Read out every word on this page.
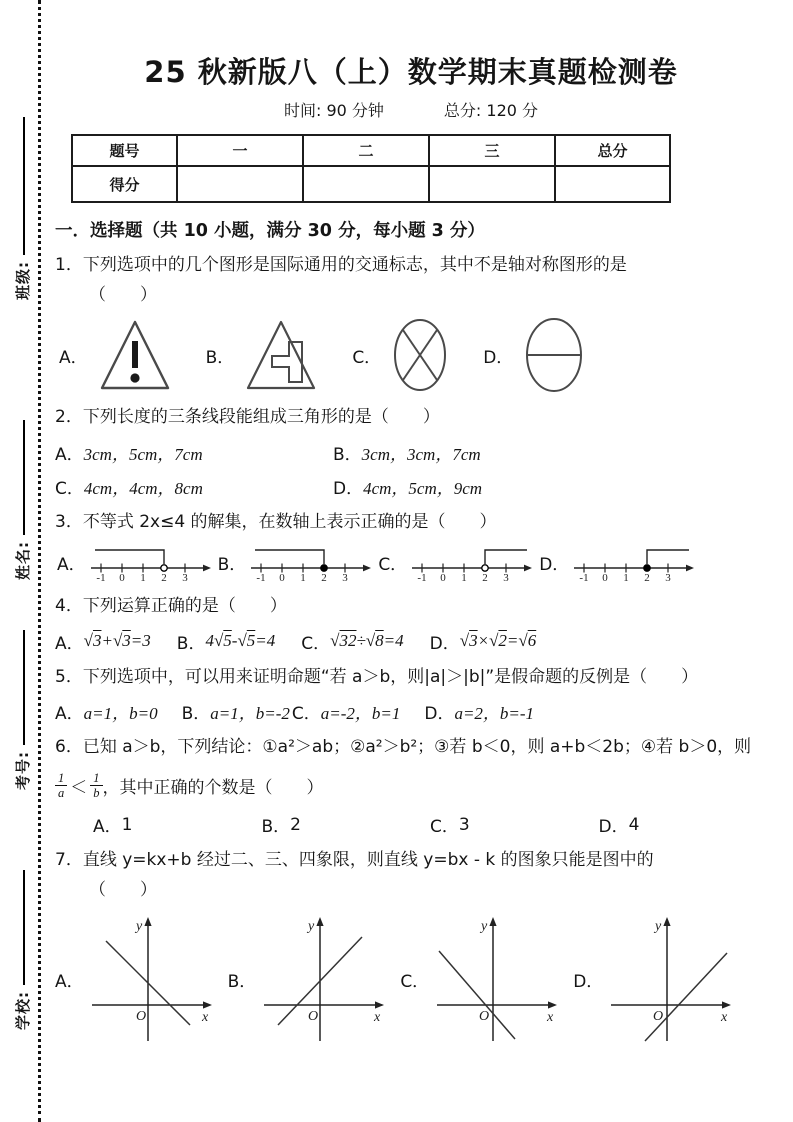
班级:
姓名:
考号:
学校:
25 秋新版八（上）数学期末真题检测卷
时间: 90 分钟	总分: 120 分
题号	一	二	三	总分
得分				
一．选择题（共 10 小题，满分 30 分，每小题 3 分）
1．下列选项中的几个图形是国际通用的交通标志，其中不是轴对称图形的是
（　　）
A．	B．	C．	D．
2．下列长度的三条线段能组成三角形的是（　　）
A．3cm，5cm，7cm	B．3cm，3cm，7cm
C．4cm，4cm，8cm	D．4cm，5cm，9cm
3．不等式 2x≤4 的解集，在数轴上表示正确的是（　　）
A．
-1 0 1 2 3
B．
-1 0 1 2 3
C．
-1 0 1 2 3
D．
-1 0 1 2 3
4．下列运算正确的是（　　）
A． √3+√3=3 B． 4√5-√5=4 C． √32÷√8=4 D． √3×√2=√6
5．下列选项中，可以用来证明命题“若 a＞b，则|a|＞|b|”是假命题的反例是（　　）
A． a=1，b=0 B． a=1，b=-2 C． a=-2，b=1 D． a=2，b=-1
6．已知 a＞b，下列结论：①a²＞ab；②a²＞b²；③若 b＜0，则 a+b＜2b；④若 b＞0，则
$\frac{1}{a} < \frac{1}{b}$ ，其中正确的个数是（　　）
A． 1	B． 2	C． 3	D． 4
7．直线 y=kx+b 经过二、三、四象限，则直线 y=bx - k 的图象只能是图中的
（　　）
A．
y
O	x
B．
y
O	x
C．
y
O	x
D．
y
O	x
